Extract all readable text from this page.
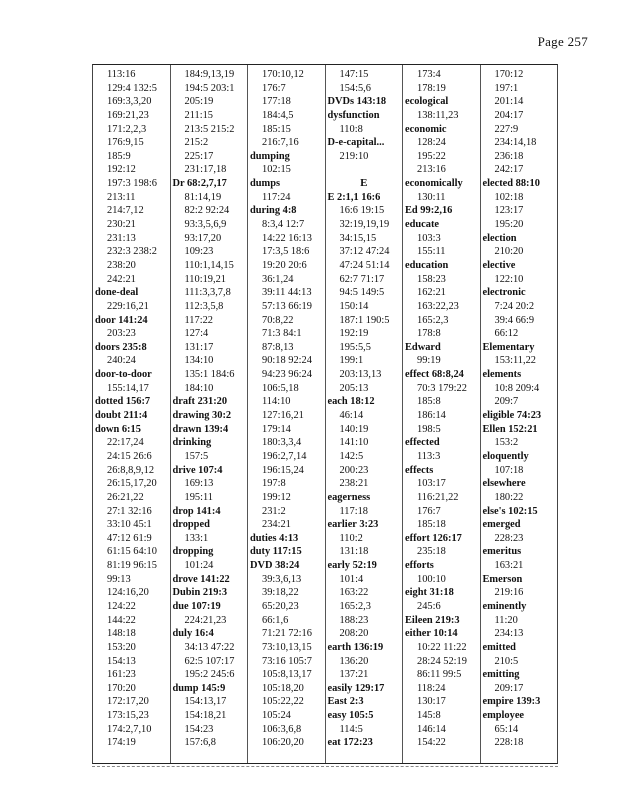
Page 257
113:16
129:4 132:5
169:3,3,20
169:21,23
171:2,2,3
176:9,15
185:9
192:12
197:3 198:6
213:11
214:7,12
230:21
231:13
232:3 238:2
238:20
242:21
done-deal
229:16,21
door 141:24
203:23
doors 235:8
240:24
door-to-door
155:14,17
dotted 156:7
doubt 211:4
down 6:15
22:17,24
24:15 26:6
26:8,8,9,12
26:15,17,20
26:21,22
27:1 32:16
33:10 45:1
47:12 61:9
61:15 64:10
81:19 96:15
99:13
124:16,20
124:22
144:22
148:18
153:20
154:13
161:23
170:20
172:17,20
173:15,23
174:2,7,10
174:19
184:9,13,19
194:5 203:1
205:19
211:15
213:5 215:2
215:2
225:17
231:17,18
Dr 68:2,7,17
81:14,19
82:2 92:24
93:3,5,6,9
93:17,20
109:23
110:1,14,15
110:19,21
111:3,3,7,8
112:3,5,8
117:22
127:4
131:17
134:10
135:1 184:6
184:10
draft 231:20
drawing 30:2
drawn 139:4
drinking
157:5
drive 107:4
169:13
195:11
drop 141:4
dropped
133:1
dropping
101:24
drove 141:22
Dubin 219:3
due 107:19
224:21,23
duly 16:4
34:13 47:22
62:5 107:17
195:2 245:6
dump 145:9
154:13,17
154:18,21
154:23
157:6,8
170:10,12
176:7
177:18
184:4,5
185:15
216:7,16
dumping
102:15
dumps
117:24
during 4:8
8:3,4 12:7
14:22 16:13
17:3,5 18:6
19:20 20:6
36:1,24
39:11 44:13
57:13 66:19
70:8,22
71:3 84:1
87:8,13
90:18 92:24
94:23 96:24
106:5,18
114:10
127:16,21
179:14
180:3,3,4
196:2,7,14
196:15,24
197:8
199:12
231:2
234:21
duties 4:13
duty 117:15
DVD 38:24
39:3,6,13
39:18,22
65:20,23
66:1,6
71:21 72:16
73:10,13,15
73:16 105:7
105:8,13,17
105:18,20
105:22,22
105:24
106:3,6,8
106:20,20
147:15
154:5,6
DVDs 143:18
dysfunction
110:8
D-e-capital...
219:10
E
E 2:1,1 16:6
16:6 19:15
32:19,19,19
34:15,15
37:12 47:24
47:24 51:14
62:7 71:17
94:5 149:5
150:14
187:1 190:5
192:19
195:5,5
199:1
203:13,13
205:13
each 18:12
46:14
140:19
141:10
142:5
200:23
238:21
eagerness
117:18
earlier 3:23
110:2
131:18
early 52:19
101:4
163:22
165:2,3
188:23
208:20
earth 136:19
136:20
137:21
easily 129:17
East 2:3
easy 105:5
114:5
eat 172:23
173:4
178:19
ecological
138:11,23
economic
128:24
195:22
213:16
economically
130:11
Ed 99:2,16
educate
103:3
155:11
education
158:23
162:21
163:22,23
165:2,3
178:8
Edward
99:19
effect 68:8,24
70:3 179:22
185:8
186:14
198:5
effected
113:3
effects
103:17
116:21,22
176:7
185:18
effort 126:17
235:18
efforts
100:10
eight 31:18
245:6
Eileen 219:3
either 10:14
10:22 11:22
28:24 52:19
86:11 99:5
118:24
130:17
145:8
146:14
154:22
170:12
197:1
201:14
204:17
227:9
234:14,18
236:18
242:17
elected 88:10
102:18
123:17
195:20
election
210:20
elective
122:10
electronic
7:24 20:2
39:4 66:9
66:12
Elementary
153:11,22
elements
10:8 209:4
209:7
eligible 74:23
Ellen 152:21
153:2
eloquently
107:18
elsewhere
180:22
else's 102:15
emerged
228:23
emeritus
163:21
Emerson
219:16
eminently
11:20
234:13
emitted
210:5
emitting
209:17
empire 139:3
employee
65:14
228:18
